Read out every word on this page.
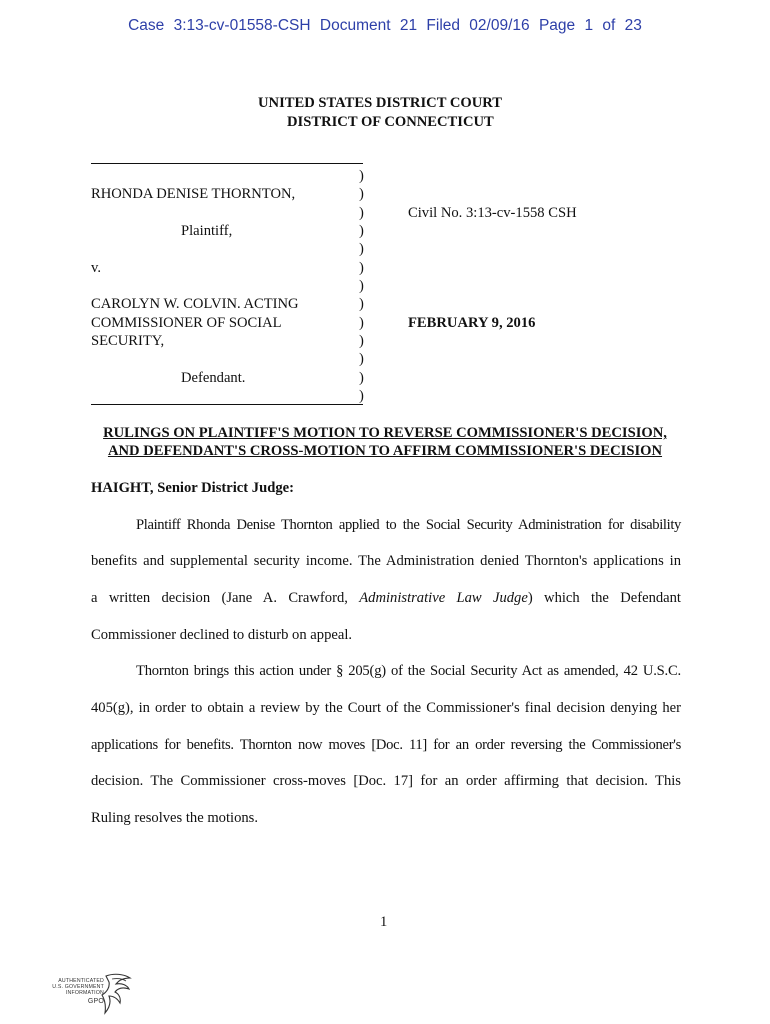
Case 3:13-cv-01558-CSH Document 21 Filed 02/09/16 Page 1 of 23
UNITED STATES DISTRICT COURT
DISTRICT OF CONNECTICUT
RHONDA DENISE THORNTON,
Plaintiff,
v.
CAROLYN W. COLVIN. ACTING
COMMISSIONER OF SOCIAL
SECURITY,
Defendant.
Civil No. 3:13-cv-1558 CSH
FEBRUARY 9, 2016
)
)
)
)
)
)
)
)
)
)
)
)
)
RULINGS ON PLAINTIFF'S MOTION TO REVERSE COMMISSIONER'S DECISION,
AND DEFENDANT'S CROSS-MOTION TO AFFIRM COMMISSIONER'S DECISION
HAIGHT, Senior District Judge:
Plaintiff Rhonda Denise Thornton applied to the Social Security Administration for disability
benefits and supplemental security income. The Administration denied Thornton's applications in
a written decision (Jane A. Crawford, Administrative Law Judge) which the Defendant
Commissioner declined to disturb on appeal.
Thornton brings this action under § 205(g) of the Social Security Act as amended, 42 U.S.C.
405(g), in order to obtain a review by the Court of the Commissioner's final decision denying her
applications for benefits. Thornton now moves [Doc. 11] for an order reversing the Commissioner's
decision. The Commissioner cross-moves [Doc. 17] for an order affirming that decision. This
Ruling resolves the motions.
1
AUTHENTICATED
U.S. GOVERNMENT
INFORMATION
GPO
